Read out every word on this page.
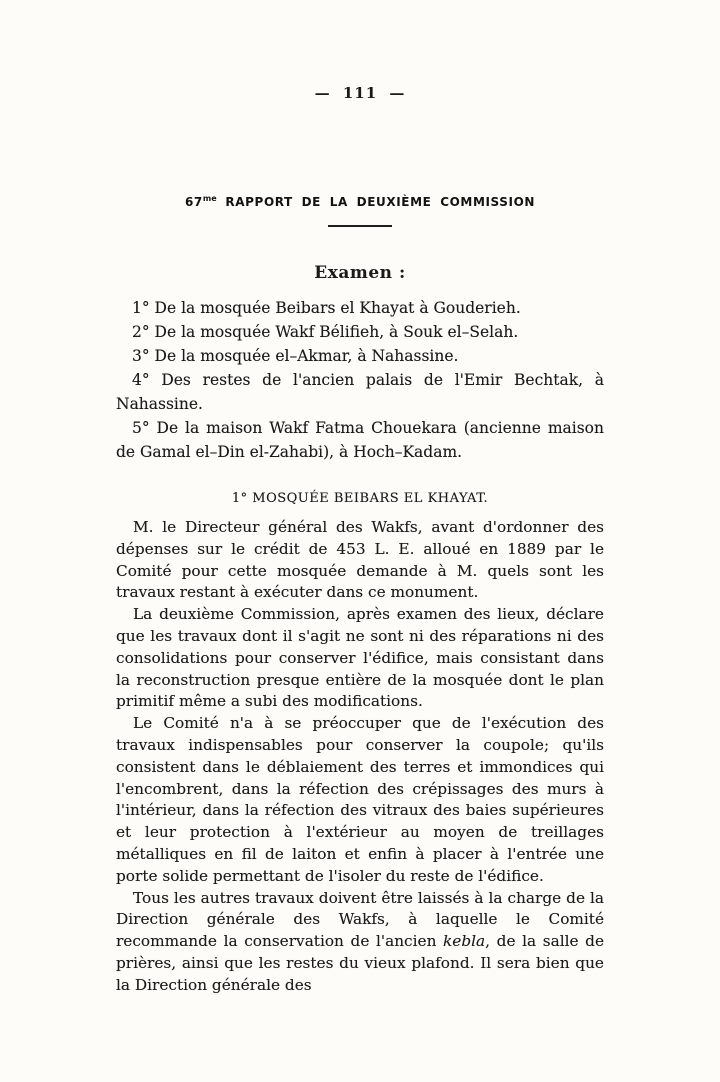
— 111 —
$67^{me}$ RAPPORT DE LA DEUXIÈME COMMISSION
Examen :

1° De la mosquée Beibars el Khayat à Gouderieh.

2° De la mosquée Wakf Bélifieh, à Souk el–Selah.

3° De la mosquée el–Akmar, à Nahassine.

4° Des restes de l'ancien palais de l'Emir Bechtak, à Nahassine.

5° De la maison Wakf Fatma Chouekara (ancienne maison de Gamal el–Din el-Zahabi), à Hoch–Kadam.

1° MOSQUÉE BEIBARS EL KHAYAT.

M. le Directeur général des Wakfs, avant d'ordonner des dépenses sur le crédit de 453 L. E. alloué en 1889 par le Comité pour cette mosquée demande à M. quels sont les travaux restant à exécuter dans ce monument.

La deuxième Commission, après examen des lieux, déclare que les travaux dont il s'agit ne sont ni des réparations ni des consolidations pour conserver l'édifice, mais consistant dans la reconstruction presque entière de la mosquée dont le plan primitif même a subi des modifications.

Le Comité n'a à se préoccuper que de l'exécution des travaux indispensables pour conserver la coupole; qu'ils consistent dans le déblaiement des terres et immondices qui l'encombrent, dans la réfection des crépissages des murs à l'intérieur, dans la réfection des vitraux des baies supérieures et leur protection à l'extérieur au moyen de treillages métalliques en fil de laiton et enfin à placer à l'entrée une porte solide permettant de l'isoler du reste de l'édifice.

Tous les autres travaux doivent être laissés à la charge de la Direction générale des Wakfs, à laquelle le Comité recommande la conservation de l'ancien kebla, de la salle de prières, ainsi que les restes du vieux plafond. Il sera bien que la Direction générale des
